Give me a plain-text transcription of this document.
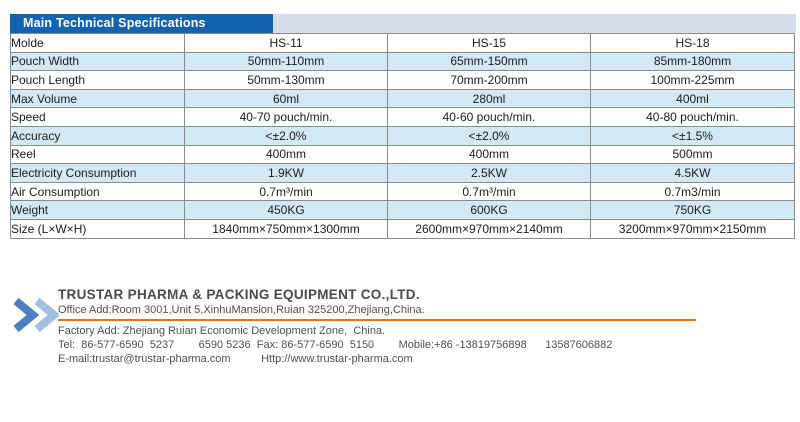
Main Technical Specifications
Molde	HS-11	HS-15	HS-18
Pouch Width	50mm-110mm	65mm-150mm	85mm-180mm
Pouch Length	50mm-130mm	70mm-200mm	100mm-225mm
Max Volume	60ml	280ml	400ml
Speed	40-70 pouch/min.	40-60 pouch/min.	40-80 pouch/min.
Accuracy	<±2.0%	<±2.0%	<±1.5%
Reel	400mm	400mm	500mm
Electricity Consumption	1.9KW	2.5KW	4.5KW
Air Consumption	0.7m³/min	0.7m³/min	0.7m3/min
Weight	450KG	600KG	750KG
Size (L×W×H)	1840mm×750mm×1300mm	2600mm×970mm×2140mm	3200mm×970mm×2150mm
TRUSTAR PHARMA & PACKING EQUIPMENT CO.,LTD.
Office Add:Room 3001,Unit 5,XinhuMansion,Ruian 325200,Zhejiang,China.
Factory Add: Zhejiang Ruian Economic Development Zone,  China.
Tel:  86-577-6590  5237        6590 5236  Fax: 86-577-6590  5150        Mobile:+86 -13819756898      13587606882
E-mail:trustar@trustar-pharma.com          Http://www.trustar-pharma.com
